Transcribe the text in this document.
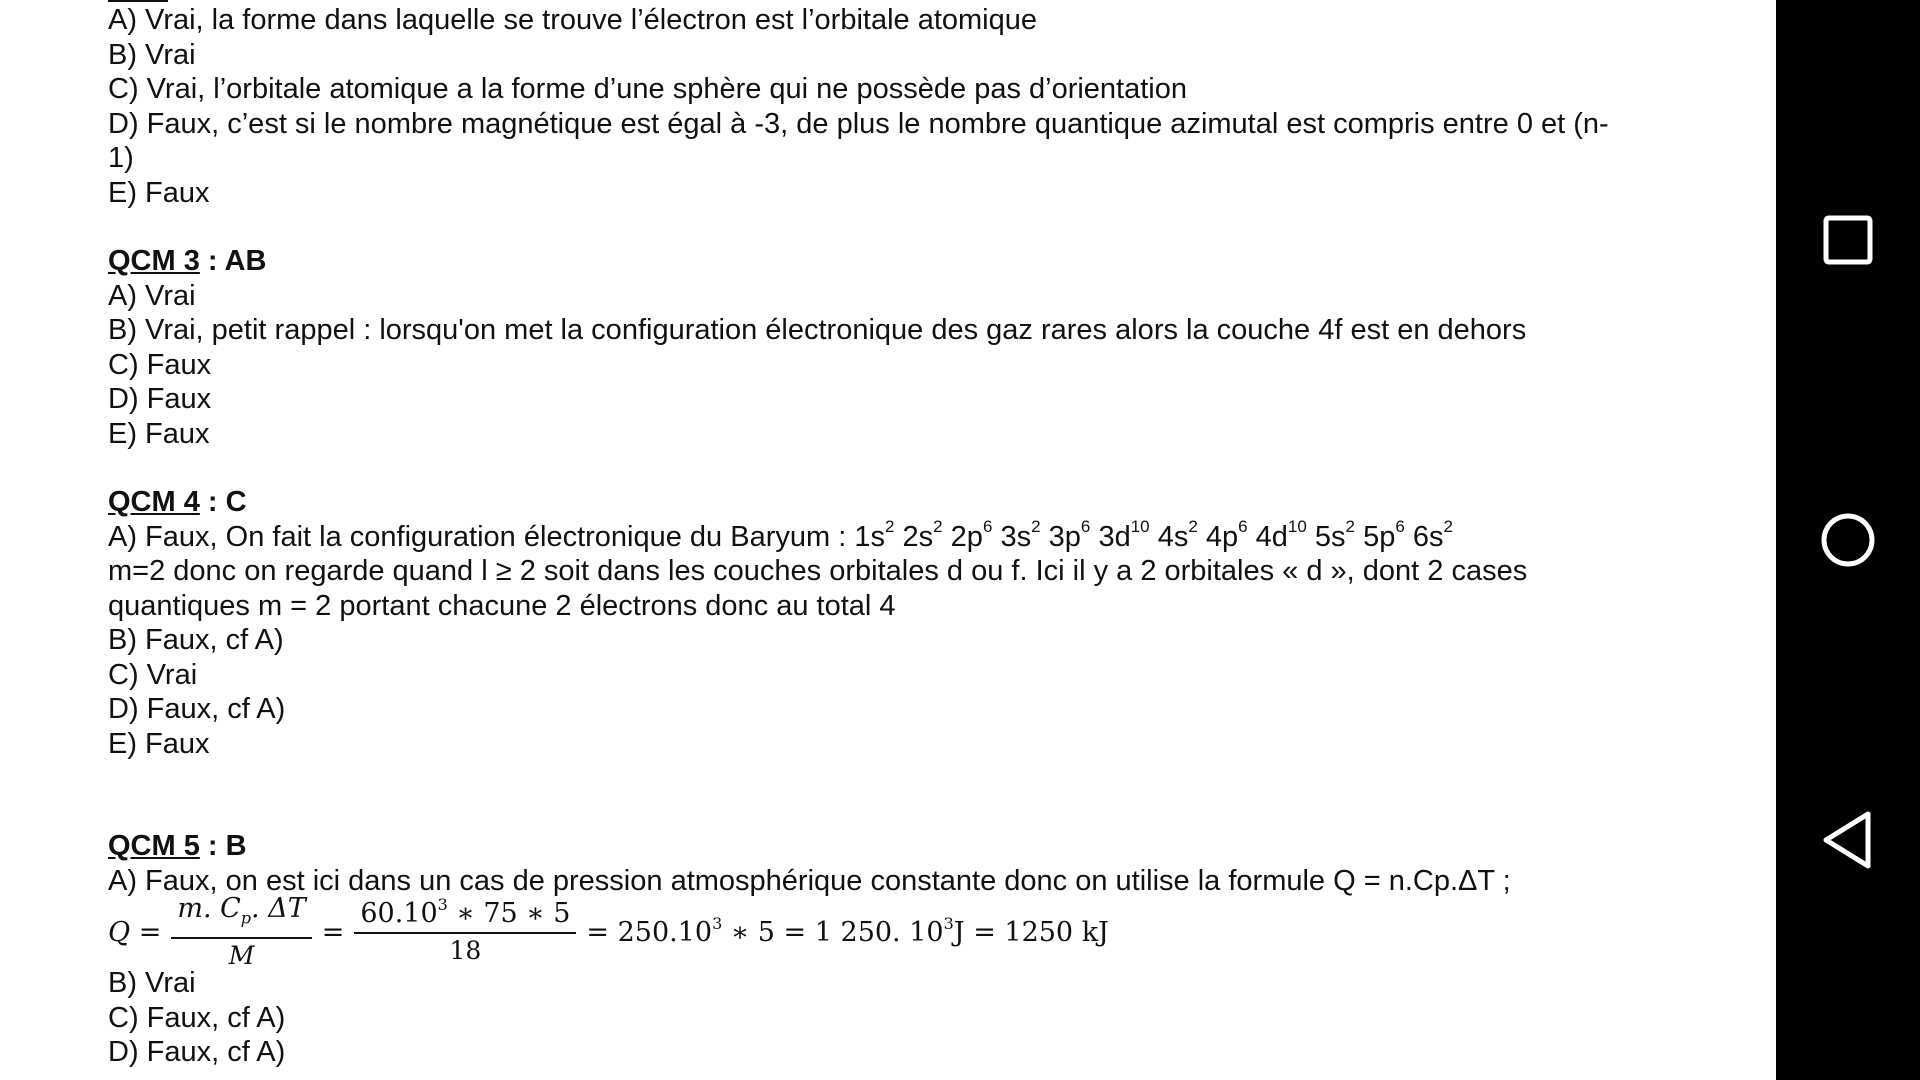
A) Vrai, la forme dans laquelle se trouve l’électron est l’orbitale atomique
B) Vrai
C) Vrai, l’orbitale atomique a la forme d’une sphère qui ne possède pas d’orientation
D) Faux, c’est si le nombre magnétique est égal à -3, de plus le nombre quantique azimutal est compris entre 0 et (n-
1)
E) Faux
QCM 3 : AB
A) Vrai
B) Vrai, petit rappel : lorsqu'on met la configuration électronique des gaz rares alors la couche 4f est en dehors
C) Faux
D) Faux
E) Faux
QCM 4 : C
A) Faux, On fait la configuration électronique du Baryum : $1s^2$ $2s^2$ $2p^6$ $3s^2$ $3p^6$ $3d^{10}$ $4s^2$ $4p^6$ $4d^{10}$ $5s^2$ $5p^6$ $6s^2$
m=2 donc on regarde quand l ≥ 2 soit dans les couches orbitales d ou f. Ici il y a 2 orbitales « d », dont 2 cases
quantiques m = 2 portant chacune 2 électrons donc au total 4
B) Faux, cf A)
C) Vrai
D) Faux, cf A)
E) Faux
QCM 5 : B
A) Faux, on est ici dans un cas de pression atmosphérique constante donc on utilise la formule Q = n.Cp.ΔT ;
$Q = \frac{m. C_p. \Delta T}{M} = \frac{60.10^3 ∗ 75 ∗ 5}{18} = 250.10^3$ ∗ 5 = 1 250. $10^3J = 1250$ kJ
B) Vrai
C) Faux, cf A)
D) Faux, cf A)
